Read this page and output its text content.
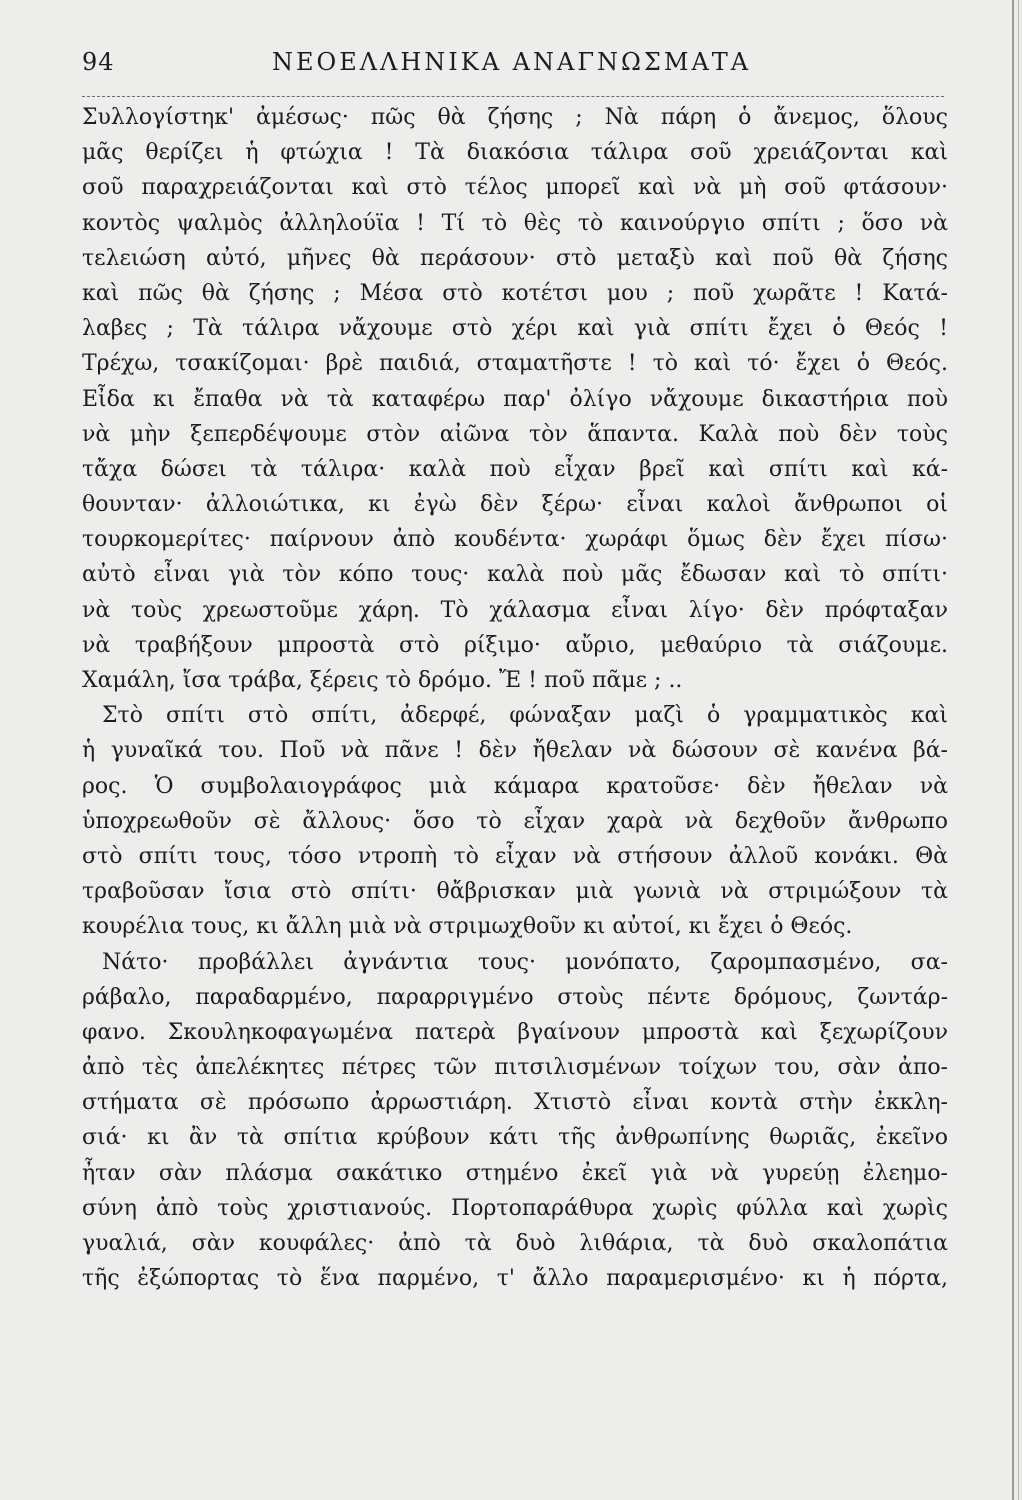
94	ΝΕΟΕΛΛΗΝΙΚΑ ΑΝΑΓΝΩΣΜΑΤΑ
Συλλογίστηκ' ἀμέσως· πῶς θὰ ζήσης ; Νὰ πάρη ὁ ἄνεμος, ὅλους
μᾶς θερίζει ἡ φτώχια ! Τὰ διακόσια τάλιρα σοῦ χρειάζονται καὶ
σοῦ παραχρειάζονται καὶ στὸ τέλος μπορεῖ καὶ νὰ μὴ σοῦ φτάσουν·
κοντὸς ψαλμὸς ἀλληλούϊα ! Τί τὸ θὲς τὸ καινούργιο σπίτι ; ὅσο νὰ
τελειώση αὐτό, μῆνες θὰ περάσουν· στὸ μεταξὺ καὶ ποῦ θὰ ζήσης
καὶ πῶς θὰ ζήσης ; Μέσα στὸ κοτέτσι μου ; ποῦ χωρᾶτε ! Κατά-
λαβες ; Τὰ τάλιρα νἄχουμε στὸ χέρι καὶ γιὰ σπίτι ἔχει ὁ Θεός !
Τρέχω, τσακίζομαι· βρὲ παιδιά, σταματῆστε ! τὸ καὶ τό· ἔχει ὁ Θεός.
Εἶδα κι ἔπαθα νὰ τὰ καταφέρω παρ' ὀλίγο νἄχουμε δικαστήρια ποὺ
νὰ μὴν ξεπερδέψουμε στὸν αἰῶνα τὸν ἅπαντα. Καλὰ ποὺ δὲν τοὺς
τἄχα δώσει τὰ τάλιρα· καλὰ ποὺ εἶχαν βρεῖ καὶ σπίτι καὶ κά-
θουνταν· ἀλλοιώτικα, κι ἐγὼ δὲν ξέρω· εἶναι καλοὶ ἄνθρωποι οἱ
τουρκομερίτες· παίρνουν ἀπὸ κουδέντα· χωράφι ὅμως δὲν ἔχει πίσω·
αὐτὸ εἶναι γιὰ τὸν κόπο τους· καλὰ ποὺ μᾶς ἔδωσαν καὶ τὸ σπίτι·
νὰ τοὺς χρεωστοῦμε χάρη. Τὸ χάλασμα εἶναι λίγο· δὲν πρόφταξαν
νὰ τραβήξουν μπροστὰ στὸ ρίξιμο· αὔριο, μεθαύριο τὰ σιάζουμε.
Χαμάλη, ἴσα τράβα, ξέρεις τὸ δρόμο. Ἔ ! ποῦ πᾶμε ; ..
Στὸ σπίτι στὸ σπίτι, ἀδερφέ, φώναξαν μαζὶ ὁ γραμματικὸς καὶ
ἡ γυναῖκά του. Ποῦ νὰ πᾶνε ! δὲν ἤθελαν νὰ δώσουν σὲ κανένα βά-
ρος. Ὁ συμβολαιογράφος μιὰ κάμαρα κρατοῦσε· δὲν ἤθελαν νὰ
ὑποχρεωθοῦν σὲ ἄλλους· ὅσο τὸ εἶχαν χαρὰ νὰ δεχθοῦν ἄνθρωπο
στὸ σπίτι τους, τόσο ντροπὴ τὸ εἶχαν νὰ στήσουν ἀλλοῦ κονάκι. Θὰ
τραβοῦσαν ἴσια στὸ σπίτι· θἄβρισκαν μιὰ γωνιὰ νὰ στριμώξουν τὰ
κουρέλια τους, κι ἄλλη μιὰ νὰ στριμωχθοῦν κι αὐτοί, κι ἔχει ὁ Θεός.
Νάτο· προβάλλει ἀγνάντια τους· μονόπατο, ζαρομπασμένο, σα-
ράβαλο, παραδαρμένο, παραρριγμένο στοὺς πέντε δρόμους, ζωντάρ-
φανο. Σκουληκοφαγωμένα πατερὰ βγαίνουν μπροστὰ καὶ ξεχωρίζουν
ἀπὸ τὲς ἀπελέκητες πέτρες τῶν πιτσιλισμένων τοίχων του, σὰν ἀπο-
στήματα σὲ πρόσωπο ἀρρωστιάρη. Χτιστὸ εἶναι κοντὰ στὴν ἐκκλη-
σιά· κι ἂν τὰ σπίτια κρύβουν κάτι τῆς ἀνθρωπίνης θωριᾶς, ἐκεῖνο
ἦταν σὰν πλάσμα σακάτικο στημένο ἐκεῖ γιὰ νὰ γυρεύῃ ἐλεημο-
σύνη ἀπὸ τοὺς χριστιανούς. Πορτοπαράθυρα χωρὶς φύλλα καὶ χωρὶς
γυαλιά, σὰν κουφάλες· ἀπὸ τὰ δυὸ λιθάρια, τὰ δυὸ σκαλοπάτια
τῆς ἐξώπορτας τὸ ἕνα παρμένο, τ' ἄλλο παραμερισμένο· κι ἡ πόρτα,
